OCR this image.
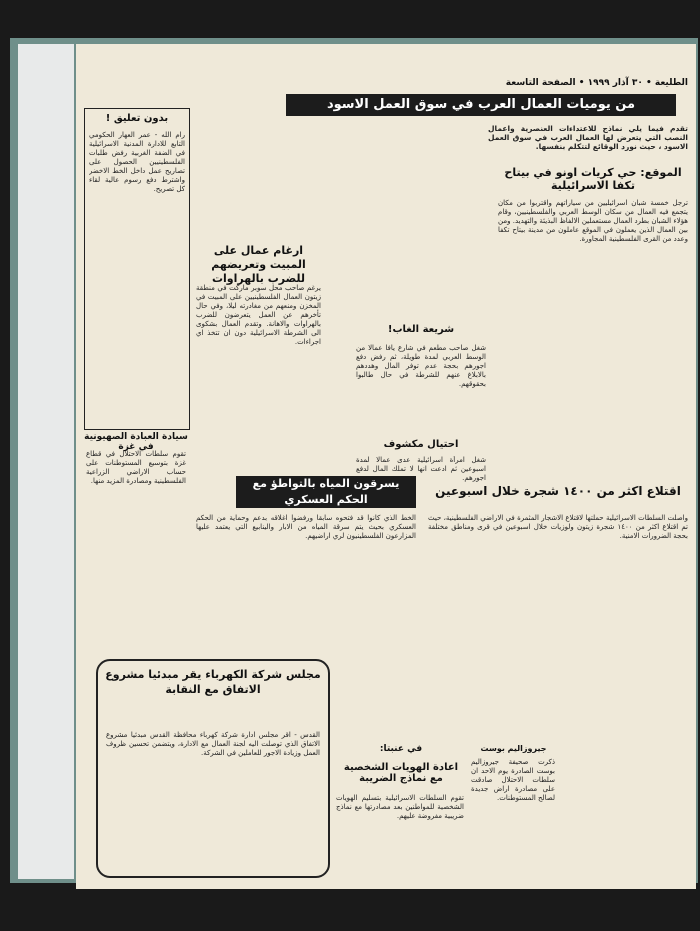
الطليعة • ٣٠ آذار ١٩٩٩ • الصفحة التاسعة
من يوميات العمال العرب في سوق العمل الاسود
تقدم فيما يلي نماذج للاعتداءات العنصرية واعمال النصب التي يتعرض لها العمال العرب في سوق العمل الاسود ، حيث نورد الوقائع لتتكلم بنفسها.
الموقع: حي كريات اونو في بيتاح تكفا الاسرائيلية
ترجل خمسة شبان اسرائيليين من سياراتهم واقتربوا من مكان يتجمع فيه العمال من سكان الوسط العربي والفلسطينيين، وقام هؤلاء الشبان بطرد العمال مستعملين الالفاظ البذيئة والتهديد. ومن بين العمال الذين يعملون في الموقع عاملون من مدينة بيتاح تكفا وعدد من القرى الفلسطينية المجاورة.
شريعة الغاب!
شغل صاحب مطعم في شارع يافا عمالا من الوسط العربي لمدة طويلة، ثم رفض دفع اجورهم بحجة عدم توفر المال وهددهم بالابلاغ عنهم للشرطة في حال طالبوا بحقوقهم.
احتيال مكشوف
شغل امرأة اسرائيلية عدى عمالا لمدة اسبوعين ثم ادعت انها لا تملك المال لدفع اجورهم.
ارغام عمال على المبيت وتعريضهم للضرب بالهراوات
يرغم صاحب محل سوبر ماركت في منطقة زيتون العمال الفلسطينيين على المبيت في المخزن ومنعهم من مغادرته ليلا، وفي حال تأخرهم عن العمل يتعرضون للضرب بالهراوات والاهانة. وتقدم العمال بشكوى الى الشرطة الاسرائيلية دون ان تتخذ اي اجراءات.
بدون تعليق !
رام الله - عمر العهار الحكومي التابع للادارة المدنية الاسرائيلية في الضفة الغربية رفض طلبات الفلسطينيين الحصول على تصاريح عمل داخل الخط الاخضر واشترط دفع رسوم عالية لقاء كل تصريح.
سيادة العبادة الصهيونية في غزة
تقوم سلطات الاحتلال في قطاع غزة بتوسيع المستوطنات على حساب الاراضي الزراعية الفلسطينية ومصادرة المزيد منها.	يسرقون المياه بالتواطؤ مع الحكم العسكري
الخط الذي كانوا قد فتحوه سابقا ورفضوا اغلاقه بدعم وحماية من الحكم العسكري بحيث يتم سرقة المياه من الابار والينابيع التي يعتمد عليها المزارعون الفلسطينيون لري اراضيهم.
اقتلاع اكثر من ١٤٠٠ شجرة خلال اسبوعين
واصلت السلطات الاسرائيلية حملتها لاقتلاع الاشجار المثمرة في الاراضي الفلسطينية، حيث تم اقتلاع اكثر من ١٤٠٠ شجرة زيتون ولوزيات خلال اسبوعين في قرى ومناطق مختلفة بحجة الضرورات الامنية.
مجلس شركة الكهرباء يقر مبدئيا مشروع الاتفاق مع النقابة
القدس - اقر مجلس ادارة شركة كهرباء محافظة القدس مبدئيا مشروع الاتفاق الذي توصلت اليه لجنة العمال مع الادارة، ويتضمن تحسين ظروف العمل وزيادة الاجور للعاملين في الشركة.	في عنبتا:
اعادة الهويات الشخصية مع نماذج الضريبة
تقوم السلطات الاسرائيلية بتسليم الهويات الشخصية للمواطنين بعد مصادرتها مع نماذج ضريبية مفروضة عليهم.
جيروزاليم بوست
ذكرت صحيفة جيروزاليم بوست الصادرة يوم الاحد ان سلطات الاحتلال صادقت على مصادرة اراض جديدة لصالح المستوطنات.
